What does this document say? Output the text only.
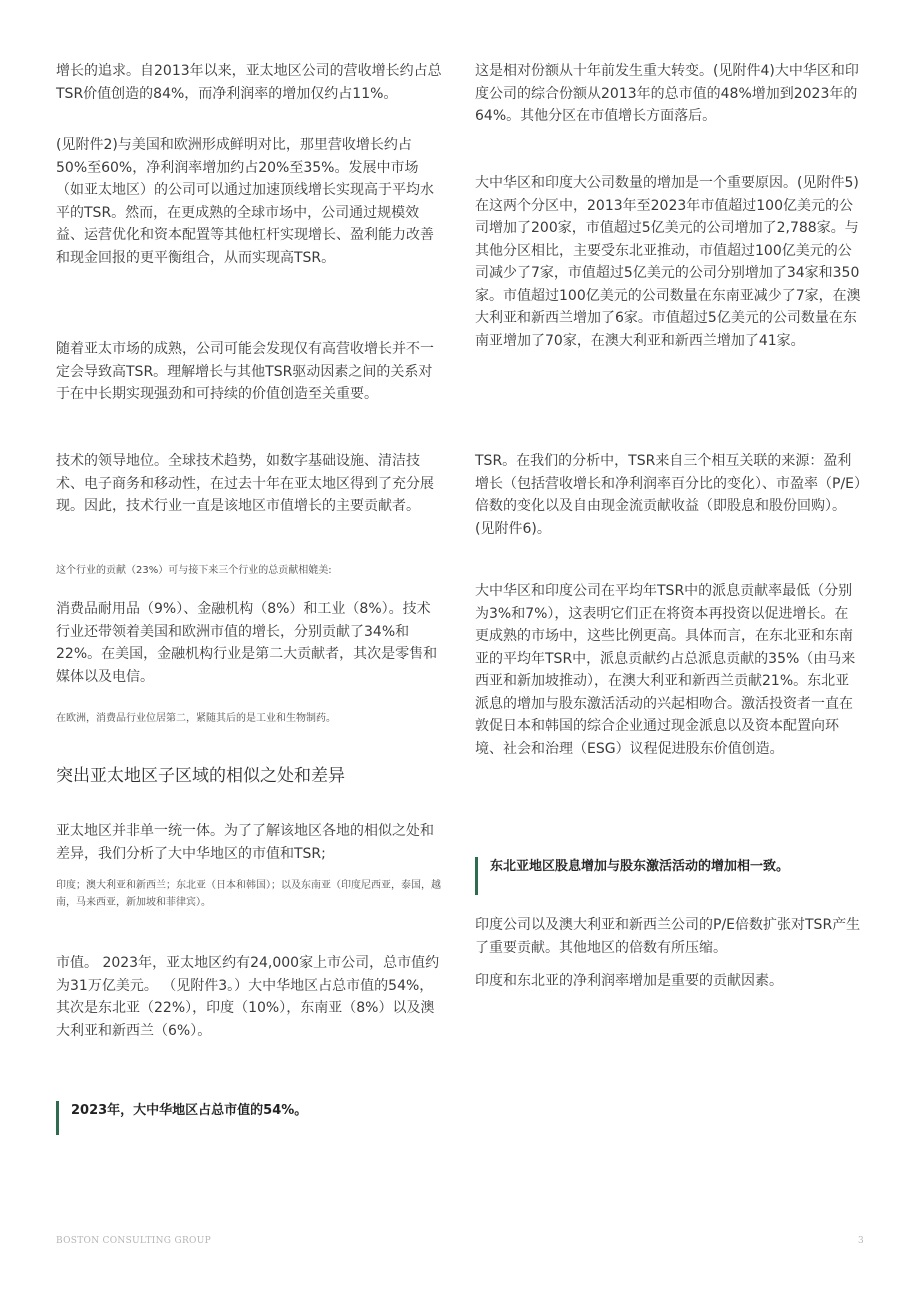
增长的追求。自2013年以来，亚太地区公司的营收增长约占总TSR价值创造的84%，而净利润率的增加仅约占11%。

(见附件2)与美国和欧洲形成鲜明对比，那里营收增长约占50%至60%，净利润率增加约占20%至35%。发展中市场（如亚太地区）的公司可以通过加速顶线增长实现高于平均水平的TSR。然而，在更成熟的全球市场中，公司通过规模效益、运营优化和资本配置等其他杠杆实现增长、盈利能力改善和现金回报的更平衡组合，从而实现高TSR。

随着亚太市场的成熟，公司可能会发现仅有高营收增长并不一定会导致高TSR。理解增长与其他TSR驱动因素之间的关系对于在中长期实现强劲和可持续的价值创造至关重要。

技术的领导地位。全球技术趋势，如数字基础设施、清洁技术、电子商务和移动性，在过去十年在亚太地区得到了充分展现。因此，技术行业一直是该地区市值增长的主要贡献者。

这个行业的贡献（23%）可与接下来三个行业的总贡献相媲美:

消费品耐用品（9%）、金融机构（8%）和工业（8%）。技术行业还带领着美国和欧洲市值的增长，分别贡献了34%和22%。在美国，金融机构行业是第二大贡献者，其次是零售和媒体以及电信。

在欧洲，消费品行业位居第二，紧随其后的是工业和生物制药。

突出亚太地区子区域的相似之处和差异

亚太地区并非单一统一体。为了了解该地区各地的相似之处和差异，我们分析了大中华地区的市值和TSR;

印度；澳大利亚和新西兰；东北亚（日本和韩国）；以及东南亚（印度尼西亚，泰国，越南，马来西亚，新加坡和菲律宾）。

市值。 2023年，亚太地区约有24,000家上市公司，总市值约为31万亿美元。 （见附件3。）大中华地区占总市值的54%，其次是东北亚（22%），印度（10%），东南亚（8%）以及澳大利亚和新西兰（6%）。

2023年，大中华地区占总市值的54%。

这是相对份额从十年前发生重大转变。(见附件4)大中华区和印度公司的综合份额从2013年的总市值的48%增加到2023年的64%。其他分区在市值增长方面落后。

大中华区和印度大公司数量的增加是一个重要原因。(见附件5)在这两个分区中，2013年至2023年市值超过100亿美元的公司增加了200家，市值超过5亿美元的公司增加了2,788家。与其他分区相比，主要受东北亚推动，市值超过100亿美元的公司减少了7家，市值超过5亿美元的公司分别增加了34家和350家。市值超过100亿美元的公司数量在东南亚减少了7家，在澳大利亚和新西兰增加了6家。市值超过5亿美元的公司数量在东南亚增加了70家，在澳大利亚和新西兰增加了41家。

TSR。在我们的分析中，TSR来自三个相互关联的来源：盈利增长（包括营收增长和净利润率百分比的变化）、市盈率（P/E）倍数的变化以及自由现金流贡献收益（即股息和股份回购）。(见附件6)。

大中华区和印度公司在平均年TSR中的派息贡献率最低（分别为3%和7%），这表明它们正在将资本再投资以促进增长。在更成熟的市场中，这些比例更高。具体而言，在东北亚和东南亚的平均年TSR中，派息贡献约占总派息贡献的35%（由马来西亚和新加坡推动），在澳大利亚和新西兰贡献21%。东北亚派息的增加与股东激活活动的兴起相吻合。激活投资者一直在敦促日本和韩国的综合企业通过现金派息以及资本配置向环境、社会和治理（ESG）议程促进股东价值创造。

东北亚地区股息增加与股东激活活动的增加相一致。

印度公司以及澳大利亚和新西兰公司的P/E倍数扩张对TSR产生了重要贡献。其他地区的倍数有所压缩。

印度和东北亚的净利润率增加是重要的贡献因素。

BOSTON CONSULTING GROUP	3
